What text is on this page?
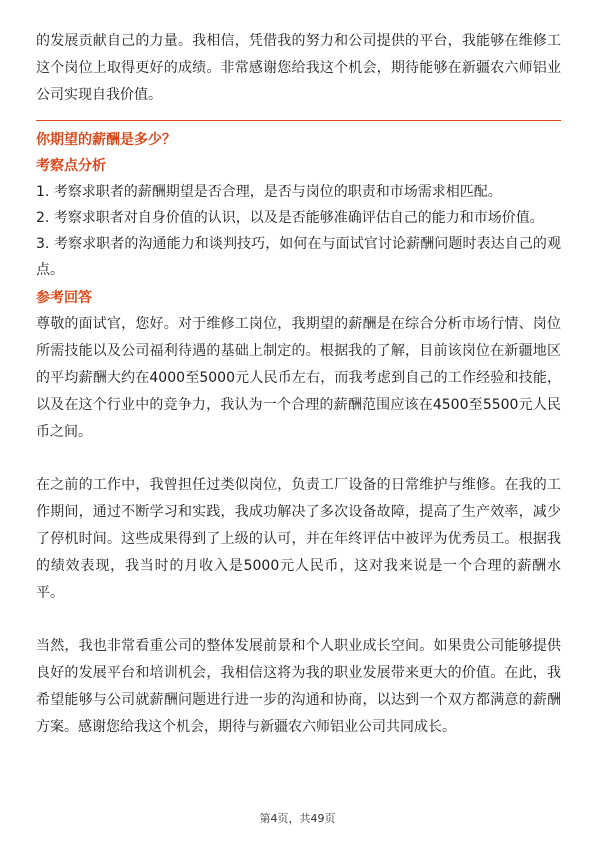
的发展贡献自己的力量。我相信，凭借我的努力和公司提供的平台，我能够在维修工这个岗位上取得更好的成绩。非常感谢您给我这个机会，期待能够在新疆农六师铝业公司实现自我价值。

你期望的薪酬是多少？

考察点分析

1. 考察求职者的薪酬期望是否合理，是否与岗位的职责和市场需求相匹配。

2. 考察求职者对自身价值的认识，以及是否能够准确评估自己的能力和市场价值。

3. 考察求职者的沟通能力和谈判技巧，如何在与面试官讨论薪酬问题时表达自己的观点。

参考回答

尊敬的面试官，您好。对于维修工岗位，我期望的薪酬是在综合分析市场行情、岗位所需技能以及公司福利待遇的基础上制定的。根据我的了解，目前该岗位在新疆地区的平均薪酬大约在4000至5000元人民币左右，而我考虑到自己的工作经验和技能，以及在这个行业中的竞争力，我认为一个合理的薪酬范围应该在4500至5500元人民币之间。

在之前的工作中，我曾担任过类似岗位，负责工厂设备的日常维护与维修。在我的工作期间，通过不断学习和实践，我成功解决了多次设备故障，提高了生产效率，减少了停机时间。这些成果得到了上级的认可，并在年终评估中被评为优秀员工。根据我的绩效表现，我当时的月收入是5000元人民币，这对我来说是一个合理的薪酬水平。

当然，我也非常看重公司的整体发展前景和个人职业成长空间。如果贵公司能够提供良好的发展平台和培训机会，我相信这将为我的职业发展带来更大的价值。在此，我希望能够与公司就薪酬问题进行进一步的沟通和协商，以达到一个双方都满意的薪酬方案。感谢您给我这个机会，期待与新疆农六师铝业公司共同成长。

第4页，共49页
